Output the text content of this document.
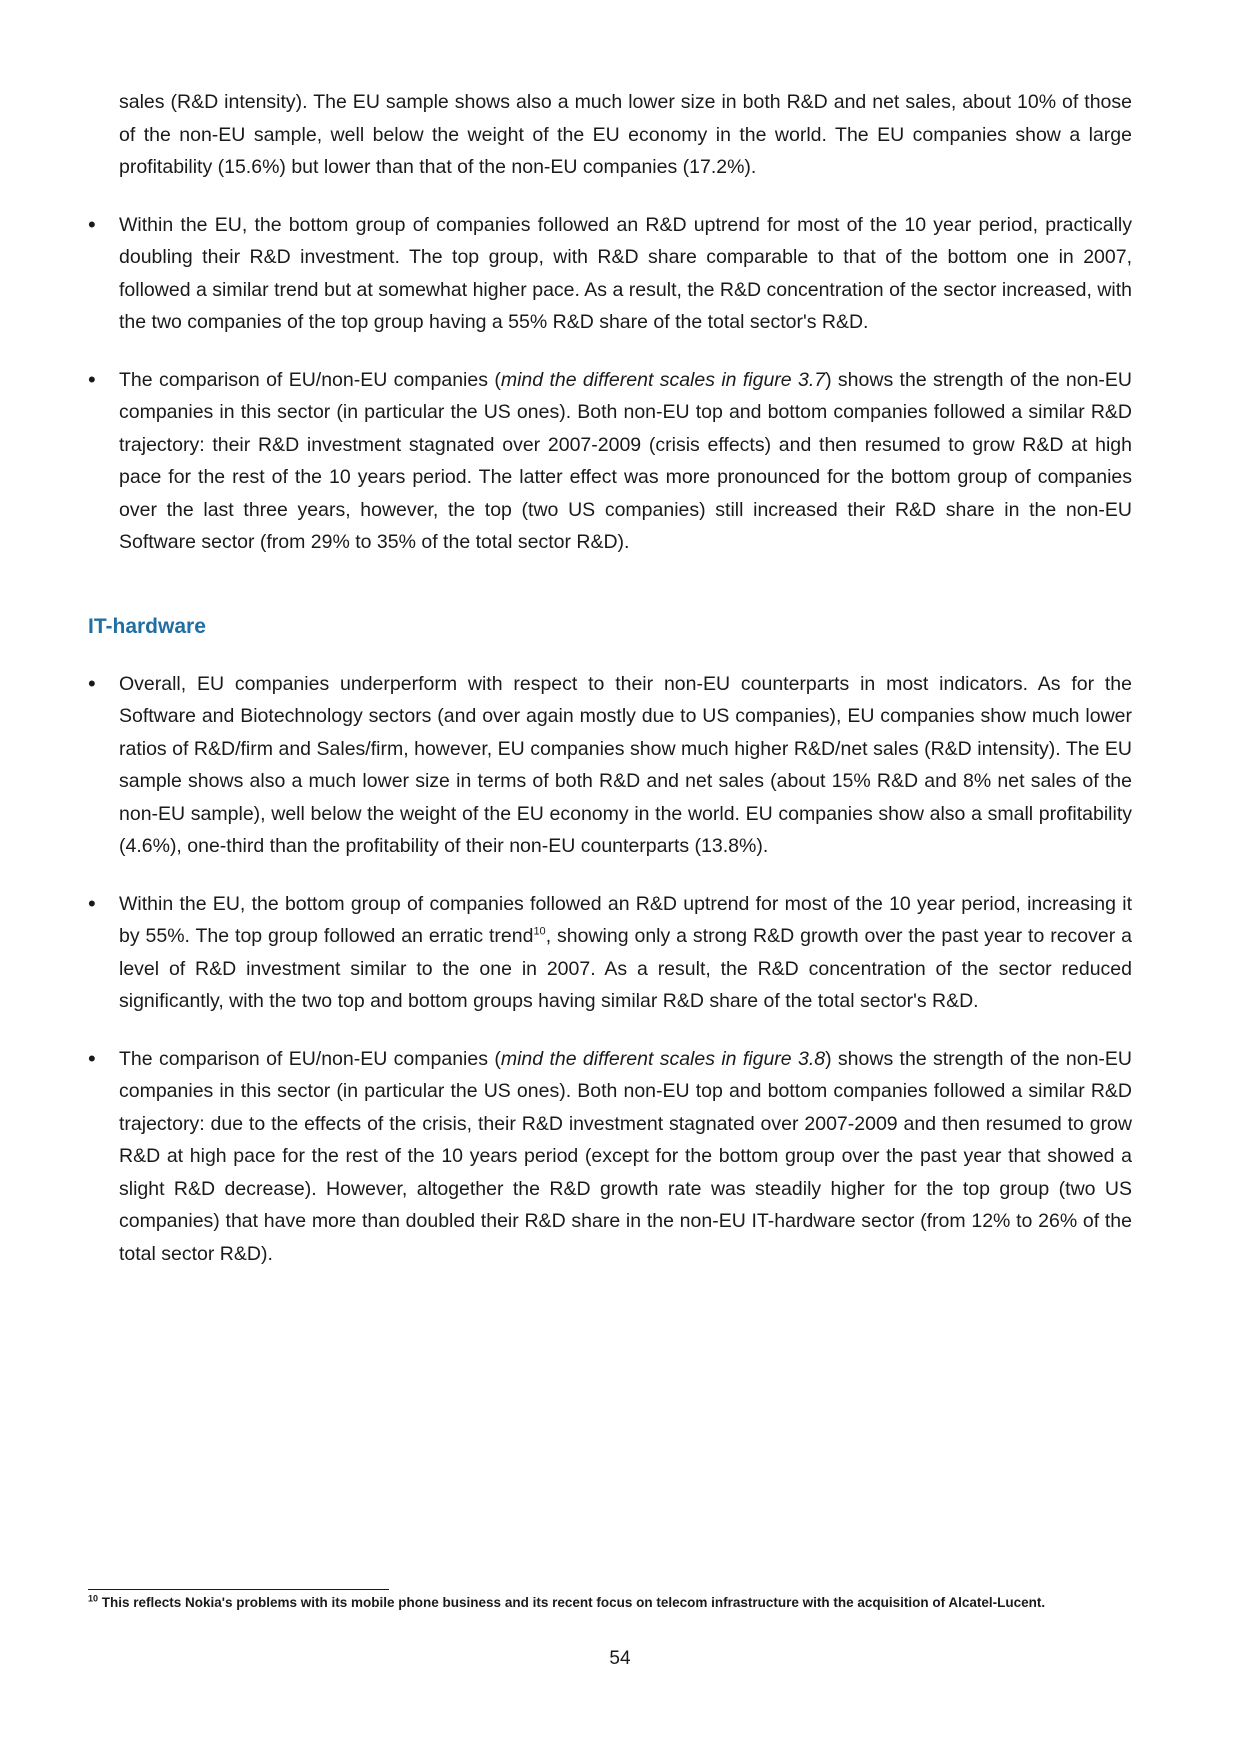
sales (R&D intensity). The EU sample shows also a much lower size in both R&D and net sales, about 10% of those of the non-EU sample, well below the weight of the EU economy in the world. The EU companies show a large profitability (15.6%) but lower than that of the non-EU companies (17.2%).

• Within the EU, the bottom group of companies followed an R&D uptrend for most of the 10 year period, practically doubling their R&D investment. The top group, with R&D share comparable to that of the bottom one in 2007, followed a similar trend but at somewhat higher pace. As a result, the R&D concentration of the sector increased, with the two companies of the top group having a 55% R&D share of the total sector's R&D.

• The comparison of EU/non-EU companies (mind the different scales in figure 3.7) shows the strength of the non-EU companies in this sector (in particular the US ones). Both non-EU top and bottom companies followed a similar R&D trajectory: their R&D investment stagnated over 2007-2009 (crisis effects) and then resumed to grow R&D at high pace for the rest of the 10 years period. The latter effect was more pronounced for the bottom group of companies over the last three years, however, the top (two US companies) still increased their R&D share in the non-EU Software sector (from 29% to 35% of the total sector R&D).

IT-hardware

• Overall, EU companies underperform with respect to their non-EU counterparts in most indicators. As for the Software and Biotechnology sectors (and over again mostly due to US companies), EU companies show much lower ratios of R&D/firm and Sales/firm, however, EU companies show much higher R&D/net sales (R&D intensity). The EU sample shows also a much lower size in terms of both R&D and net sales (about 15% R&D and 8% net sales of the non-EU sample), well below the weight of the EU economy in the world. EU companies show also a small profitability (4.6%), one-third than the profitability of their non-EU counterparts (13.8%).

• Within the EU, the bottom group of companies followed an R&D uptrend for most of the 10 year period, increasing it by 55%. The top group followed an erratic trend$^{10}$, showing only a strong R&D growth over the past year to recover a level of R&D investment similar to the one in 2007. As a result, the R&D concentration of the sector reduced significantly, with the two top and bottom groups having similar R&D share of the total sector's R&D.

• The comparison of EU/non-EU companies (mind the different scales in figure 3.8) shows the strength of the non-EU companies in this sector (in particular the US ones). Both non-EU top and bottom companies followed a similar R&D trajectory: due to the effects of the crisis, their R&D investment stagnated over 2007-2009 and then resumed to grow R&D at high pace for the rest of the 10 years period (except for the bottom group over the past year that showed a slight R&D decrease). However, altogether the R&D growth rate was steadily higher for the top group (two US companies) that have more than doubled their R&D share in the non-EU IT-hardware sector (from 12% to 26% of the total sector R&D).

$^{10}$ This reflects Nokia's problems with its mobile phone business and its recent focus on telecom infrastructure with the acquisition of Alcatel-Lucent.

54
